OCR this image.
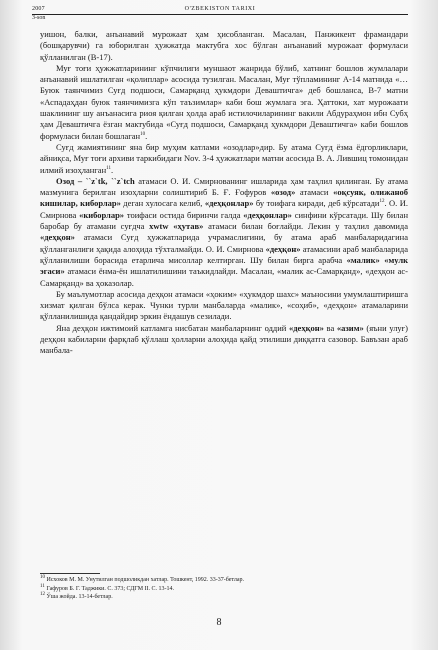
2007	O'ZBEKISTON TARIXI
3-son

уишон, балки, анъанавий мурожаат ҳам ҳисобланган. Масалан, Панжикент фрамандари (бошқарувчи) га юборилган ҳужжатда мактубга хос бўлган анъанавий мурожаат формуласи қўлланилган (В-17).

Муғ тоғи ҳужжатларининг кўпчилиги муншаот жанрида бўлиб, хатнинг бошлов жумлалари анъанавий ишлатилган «қолиплар» асосида тузилган. Масалан, Муғ тўпламининг А-14 матнида «…Буюк таянчимиз Суғд подшоси, Самарқанд ҳукмдори Деваштичга» деб бошланса, В-7 матни «Аспадаҳдан буюк таянчимизга кўп таъзимлар» каби бош жумлага эга. Ҳаттоки, хат мурожаати шаклининг шу анъанасига риоя қилган ҳолда араб истилочиларининг вакили Абдураҳмон ибн Субҳ ҳам Деваштичга ёзган мактубида «Суғд подшоси, Самарқанд ҳукмдори Деваштичга» каби бошлов формуласи билан бошлаган$^{10}$.

Суғд жамиятининг яна бир муҳим катлами «озодлар»дир. Бу атама Суғд ёзма ёдгорликлари, айниқса, Муғ тоғи архиви таркибидаги Nov. 3-4 ҳужжатлари матни асосида В. А. Лившиц томонидан илмий изоҳланган$^{11}$.

Озод – ``z`tk, ``z`tch атамаси О. И. Смирнованинг ишларида ҳам таҳлил қилинган. Бу атама мазмунига берилган изоҳларни солиштириб Б. Ғ. Ғофуров «озод» атамаси «оқсуяк, олижаноб кишилар, киборлар» деган хулосага келиб, «деҳқонлар» бу тоифага киради, деб кўрсатади$^{12}$. О. И. Смирнова «киборлар» тоифаси остида биринчи галда «деҳқонлар» синфини кўрсатади. Шу билан баробар бу атамани суғдча xwtw «ҳутав» атамаси билан боғлайди. Лекин у таҳлил давомида «деҳқон» атамаси Суғд ҳужжатларида учрамаслигини, бу атама араб манбаларидагина қўлланганлиги ҳақида алоҳида тўхталмайди. О. И. Смирнова «деҳқон» атамасини араб манбаларида қўлланилиши борасида етарлича мисоллар келтирган. Шу билан бирга арабча «малик» «мулк эгаси» атамаси ёнма-ён ишлатилишини таъкидлайди. Масалан, «малик ас-Самарқанд», «деҳқон ас-Самарқанд» ва ҳоказолар.

Бу маълумотлар асосида деҳқон атамаси «ҳоким» «ҳукмдор шахс» маъносини умумлаштиришга хизмат қилган бўлса керак. Чунки турли манбаларда «малик», «соҳиб», «деҳқон» атамаларини қўлланилишида қандайдир эркин ёндашув сезилади.

Яна деҳқон ижтимоий катламга нисбатан манбаларнинг оддий «деҳқон» ва «азим» (яъни улуғ) деҳқон кабиларни фарқлаб қўллаш ҳолларни алоҳида қайд этилиши диққатга сазовор. Бавъзан араб манбала-

$^{10}$ Исхоков М. М. Унутилган подшоликдан хатлар. Тошкент, 1992. 33-37-бетлар.
$^{11}$ Гафуров Б. Г. Таджики. С. 373; СДГМ II. С. 13-14.
$^{12}$ Ўша жойда. 13-14-бетлар.
8
